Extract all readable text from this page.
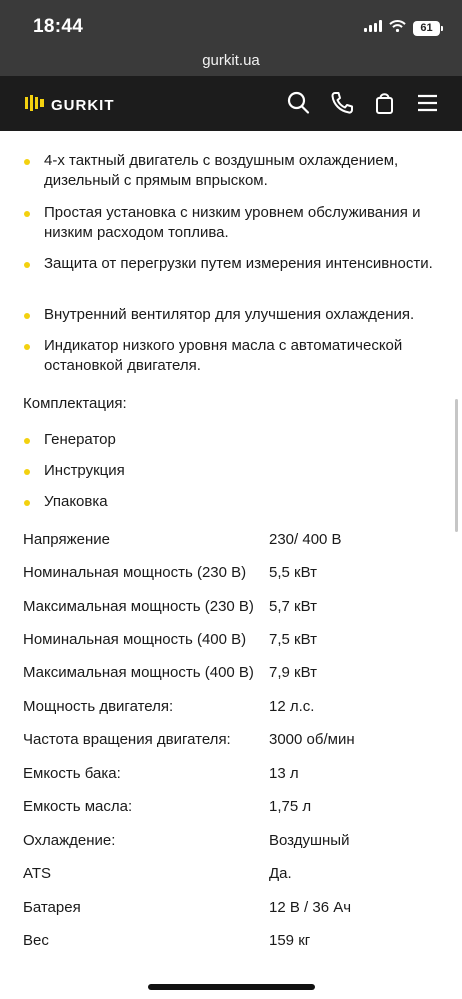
18:44	61
gurkit.ua
GURKIT
4-х тактный двигатель с воздушным охлаждением, дизельный с прямым впрыском.
Простая установка с низким уровнем обслуживания и низким расходом топлива.
Защита от перегрузки путем измерения интенсивности.
Внутренний вентилятор для улучшения охлаждения.
Индикатор низкого уровня масла с автоматической остановкой двигателя.
Комплектация:
Генератор
Инструкция
Упаковка
Напряжение	230/ 400 В
Номинальная мощность (230 В) 5,5 кВт
Максимальная мощность (230 В) 5,7 кВт
Номинальная мощность (400 В) 7,5 кВт
Максимальная мощность (400 В) 7,9 кВт
Мощность двигателя:	12 л.с.
Частота вращения двигателя:	3000 об/мин
Емкость бака:	13 л
Емкость масла:	1,75 л
Охлаждение:	Воздушный
ATS	Да.
Батарея	12 В / 36 Ач
Вес	159 кг
